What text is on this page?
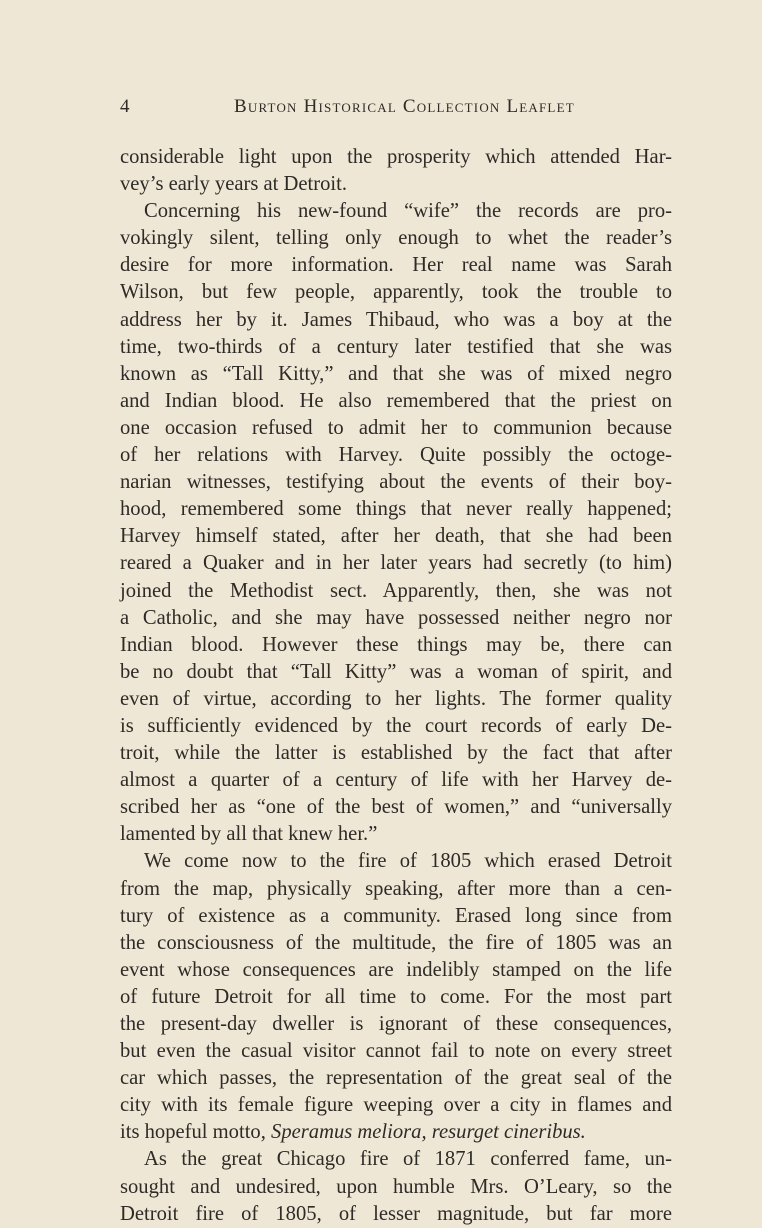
4	Burton Historical Collection Leaflet
considerable light upon the prosperity which attended Har-
vey’s early years at Detroit.
Concerning his new-found “wife” the records are pro-
vokingly silent, telling only enough to whet the reader’s
desire for more information. Her real name was Sarah
Wilson, but few people, apparently, took the trouble to
address her by it. James Thibaud, who was a boy at the
time, two-thirds of a century later testified that she was
known as “Tall Kitty,” and that she was of mixed negro
and Indian blood. He also remembered that the priest on
one occasion refused to admit her to communion because
of her relations with Harvey. Quite possibly the octoge-
narian witnesses, testifying about the events of their boy-
hood, remembered some things that never really happened;
Harvey himself stated, after her death, that she had been
reared a Quaker and in her later years had secretly (to him)
joined the Methodist sect. Apparently, then, she was not
a Catholic, and she may have possessed neither negro nor
Indian blood. However these things may be, there can
be no doubt that “Tall Kitty” was a woman of spirit, and
even of virtue, according to her lights. The former quality
is sufficiently evidenced by the court records of early De-
troit, while the latter is established by the fact that after
almost a quarter of a century of life with her Harvey de-
scribed her as “one of the best of women,” and “universally
lamented by all that knew her.”
We come now to the fire of 1805 which erased Detroit
from the map, physically speaking, after more than a cen-
tury of existence as a community. Erased long since from
the consciousness of the multitude, the fire of 1805 was an
event whose consequences are indelibly stamped on the life
of future Detroit for all time to come. For the most part
the present-day dweller is ignorant of these consequences,
but even the casual visitor cannot fail to note on every street
car which passes, the representation of the great seal of the
city with its female figure weeping over a city in flames and
its hopeful motto, Speramus meliora, resurget cineribus.
As the great Chicago fire of 1871 conferred fame, un-
sought and undesired, upon humble Mrs. O’Leary, so the
Detroit fire of 1805, of lesser magnitude, but far more
